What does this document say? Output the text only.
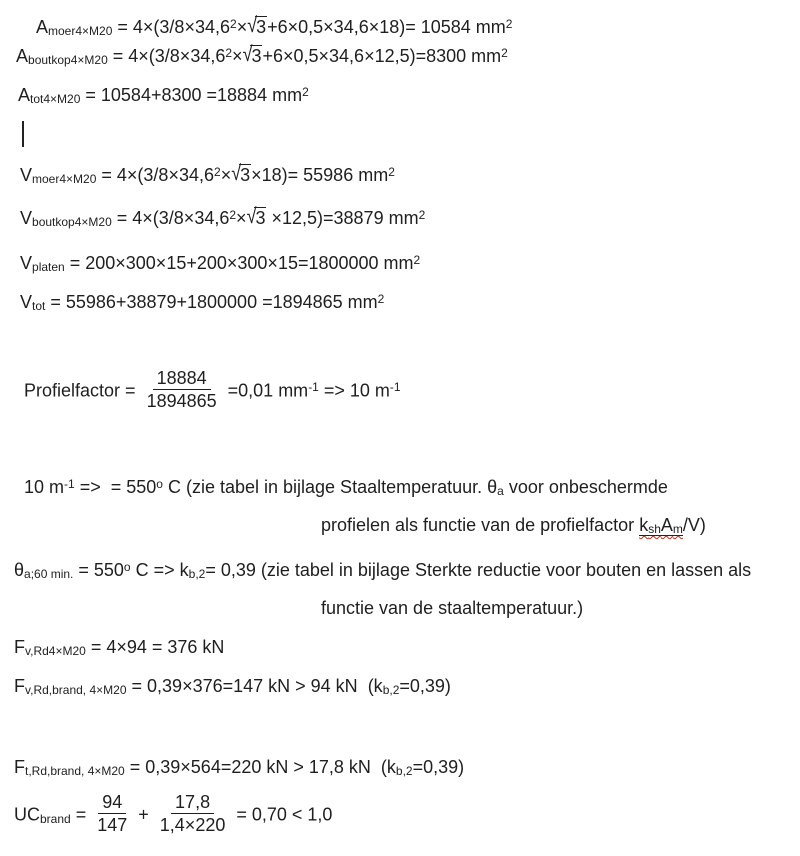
$A_{moer4\times M20} = 4\times(3/8\times 34,6^2\times√3+6\times 0,5\times 34,6\times 18)= 10584$ $mm^2$
$A_{boutkop4\times M20} = 4\times(3/8\times 34,6^2\times√3+6\times 0,5\times 34,6\times 12,5)=8300$ $mm^2$
$A_{tot4\times M20} = 10584+8300 =18884$ $mm^2$
$V_{moer4\times M20} = 4\times(3/8\times 34,6^2\times√3\times 18)= 55986$ $mm^2$
$V_{boutkop4\times M20} = 4\times(3/8\times 34,6^2\times√3 \times 12,5)=38879$ $mm^2$
$V_{platen} = 200\times 300\times 15+200\times 300\times 15=1800000$ $mm^2$
$V_{tot} = 55986+38879+1800000 =1894865$ $mm^2$
Profielfactor = $\frac{18884}{1894865} =0,01$ $mm^{-1} => 10$ $m^{-1}$
10 $m^{-1}$ =>  = $550^o$ C (zie tabel in bijlage Staaltemperatuur. $\theta_a$ voor onbeschermde
profielen als functie van de profielfactor $k_{sh}A_m/V$)
$\theta_{a;60 min.} = 550^o$ $C => k_{b,2}= 0,39$ (zie tabel in bijlage Sterkte reductie voor bouten en lassen als
functie van de staaltemperatuur.)
$F_{v,Rd4\times M20} = 4\times 94 = 376$ kN
$F_{v,Rd,brand, 4\times M20} = 0,39\times 376=147$ kN > 94 kN  $(k_{b,2}=0,39)$
$F_{t,Rd,brand, 4\times M20} = 0,39\times 564=220$ kN > 17,8 kN  $(k_{b,2}=0,39)$
$UC_{brand} = \frac{94}{147} + \frac{17,8}{1,4\times 220} = 0,70 < 1,0$
